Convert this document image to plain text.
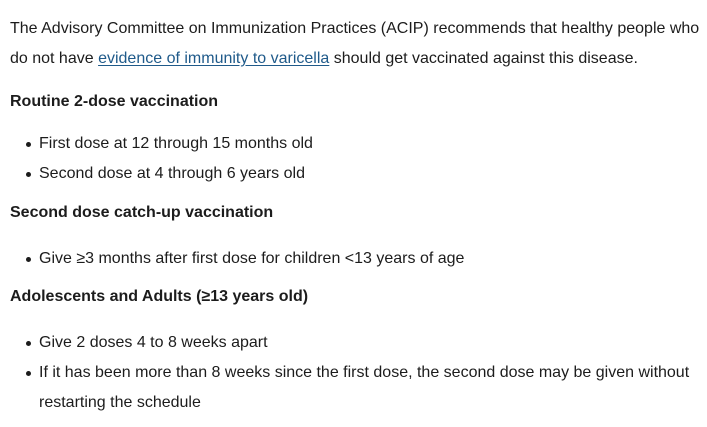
The Advisory Committee on Immunization Practices (ACIP) recommends that healthy people who do not have evidence of immunity to varicella should get vaccinated against this disease.

Routine 2-dose vaccination
First dose at 12 through 15 months old
Second dose at 4 through 6 years old
Second dose catch-up vaccination
Give ≥3 months after first dose for children <13 years of age
Adolescents and Adults (≥13 years old)
Give 2 doses 4 to 8 weeks apart
If it has been more than 8 weeks since the first dose, the second dose may be given without restarting the schedule
